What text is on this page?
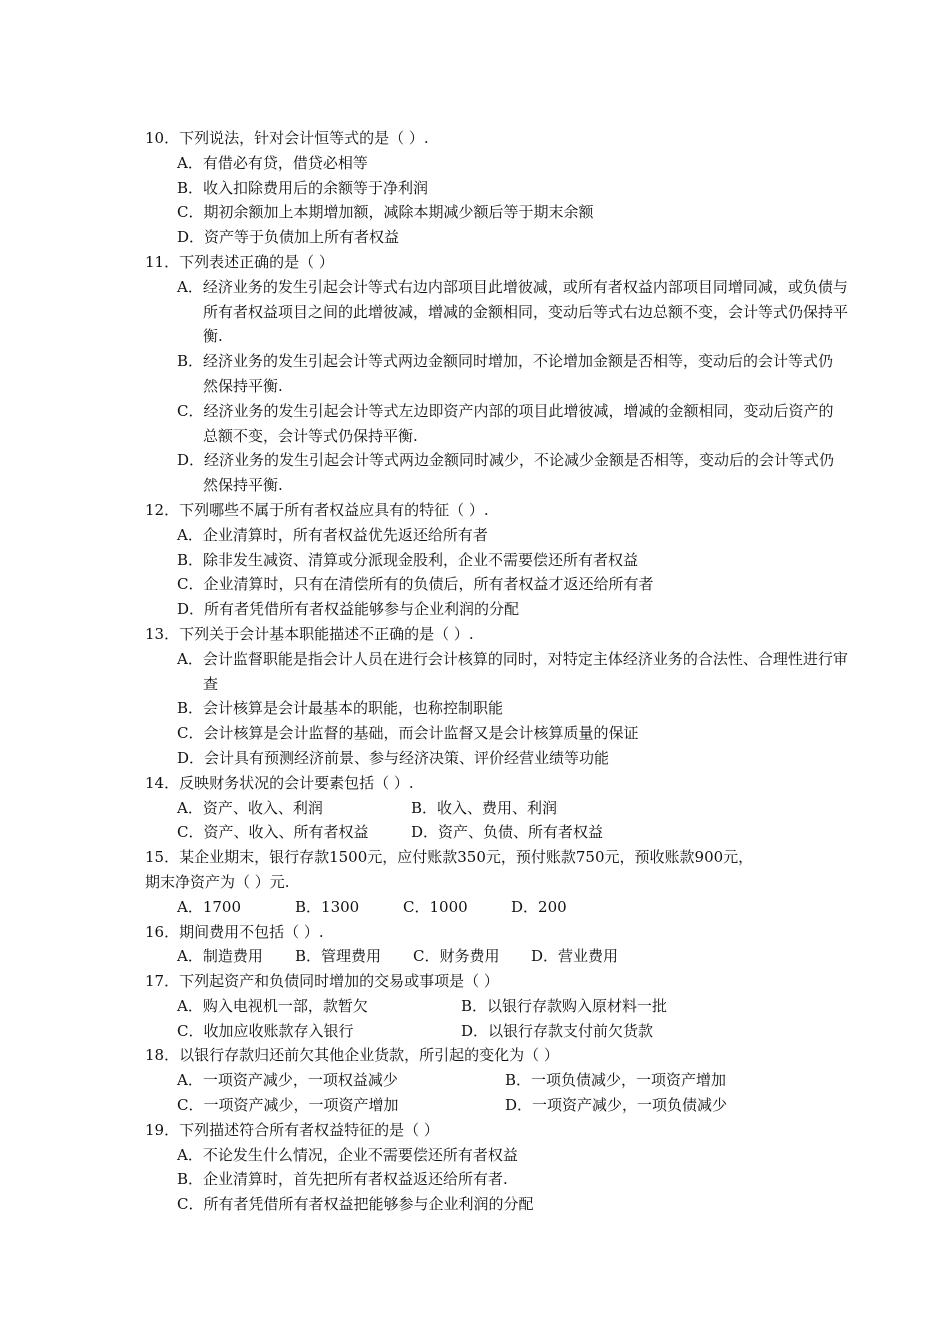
10．下列说法，针对会计恒等式的是（ ）.
A．有借必有贷，借贷必相等
B．收入扣除费用后的余额等于净利润
C．期初余额加上本期增加额，减除本期减少额后等于期末余额
D．资产等于负债加上所有者权益
11．下列表述正确的是（ ）
A．经济业务的发生引起会计等式右边内部项目此增彼减，或所有者权益内部项目同增同减，或负债与所有者权益项目之间的此增彼减，增减的金额相同，变动后等式右边总额不变，会计等式仍保持平衡.
B．经济业务的发生引起会计等式两边金额同时增加，不论增加金额是否相等，变动后的会计等式仍然保持平衡.
C．经济业务的发生引起会计等式左边即资产内部的项目此增彼减，增减的金额相同，变动后资产的总额不变，会计等式仍保持平衡.
D．经济业务的发生引起会计等式两边金额同时减少，不论减少金额是否相等，变动后的会计等式仍然保持平衡.
12．下列哪些不属于所有者权益应具有的特征（ ）.
A．企业清算时，所有者权益优先返还给所有者
B．除非发生减资、清算或分派现金股利，企业不需要偿还所有者权益
C．企业清算时，只有在清偿所有的负债后，所有者权益才返还给所有者
D．所有者凭借所有者权益能够参与企业利润的分配
13．下列关于会计基本职能描述不正确的是（ ）.
A．会计监督职能是指会计人员在进行会计核算的同时，对特定主体经济业务的合法性、合理性进行审查
B．会计核算是会计最基本的职能，也称控制职能
C．会计核算是会计监督的基础，而会计监督又是会计核算质量的保证
D．会计具有预测经济前景、参与经济决策、评价经营业绩等功能
14．反映财务状况的会计要素包括（ ）.
A．资产、收入、利润	B．收入、费用、利润
C．资产、收入、所有者权益	D．资产、负债、所有者权益
15．某企业期末，银行存款1500元，应付账款350元，预付账款750元，预收账款900元，
期末净资产为（ ）元.
A．1700	B．1300	C．1000	D．200
16．期间费用不包括（ ）.
A．制造费用	B．管理费用	C．财务费用	D．营业费用
17．下列起资产和负债同时增加的交易或事项是（ ）
A．购入电视机一部，款暂欠	B．以银行存款购入原材料一批
C．收加应收账款存入银行	D．以银行存款支付前欠货款
18．以银行存款归还前欠其他企业货款，所引起的变化为（ ）
A．一项资产减少，一项权益减少	B．一项负债减少，一项资产增加
C．一项资产减少，一项资产增加	D．一项资产减少，一项负债减少
19．下列描述符合所有者权益特征的是（ ）
A．不论发生什么情况，企业不需要偿还所有者权益
B．企业清算时，首先把所有者权益返还给所有者.
C．所有者凭借所有者权益把能够参与企业利润的分配
